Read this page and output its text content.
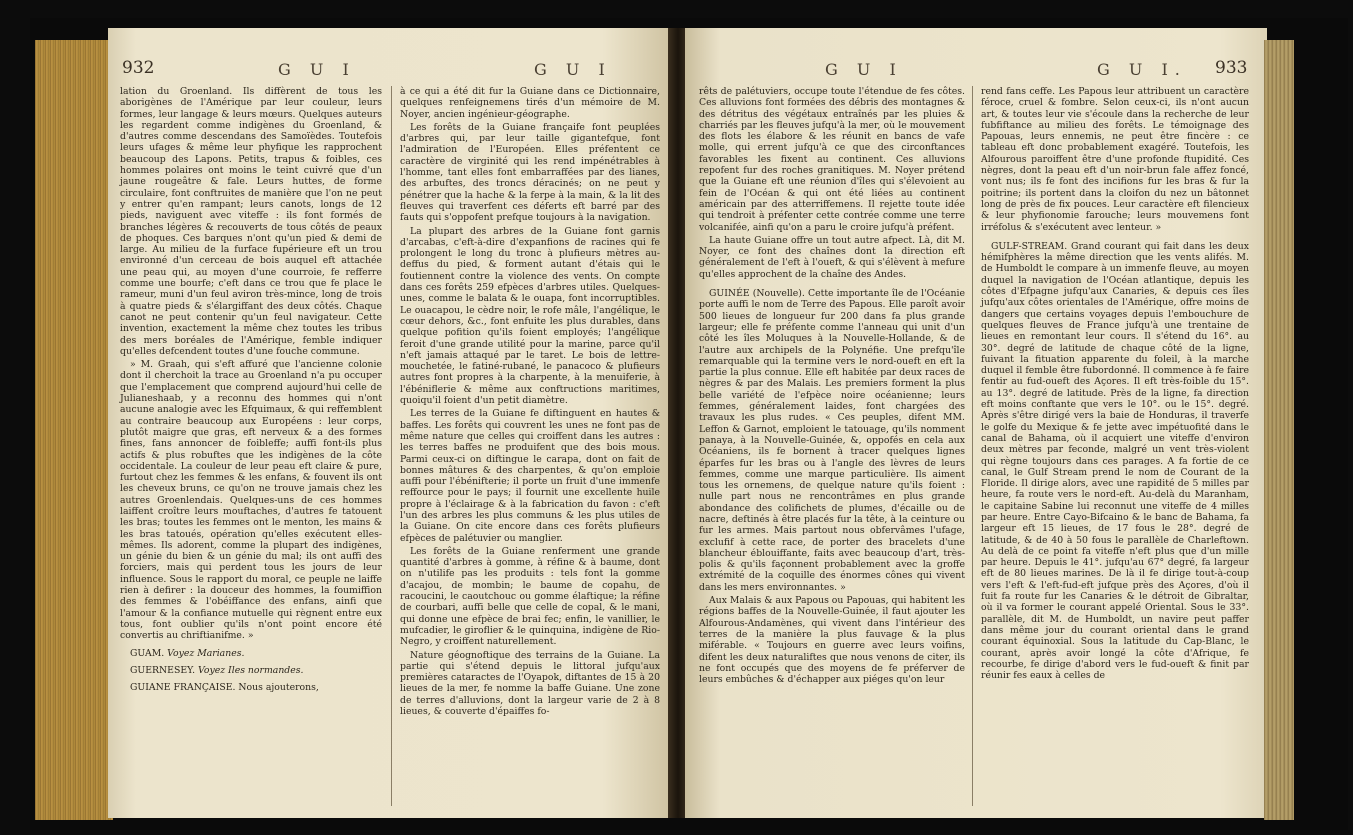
932	G U I	G U I

lation du Groenland. Ils diffèrent de tous les aborigènes de l'Amérique par leur couleur, leurs formes, leur langage & leurs mœurs. Quelques auteurs les regardent comme indigènes du Groenland, & d'autres comme descendans des Samoïèdes. Toutefois leurs ufages & même leur phyfique les rapprochent beaucoup des Lapons. Petits, trapus & foibles, ces hommes polaires ont moins le teint cuivré que d'un jaune rougeâtre & fale. Leurs huttes, de forme circulaire, font conftruites de manière que l'on ne peut y entrer qu'en rampant; leurs canots, longs de 12 pieds, naviguent avec viteffe : ils font formés de branches légères & recouverts de tous côtés de peaux de phoques. Ces barques n'ont qu'un pied & demi de large. Au milieu de la furface fupérieure eft un trou environné d'un cerceau de bois auquel eft attachée une peau qui, au moyen d'une courroie, fe refferre comme une bourfe; c'eft dans ce trou que fe place le rameur, muni d'un feul aviron très-mince, long de trois à quatre pieds & s'élargiffant des deux côtés. Chaque canot ne peut contenir qu'un feul navigateur. Cette invention, exactement la même chez toutes les tribus des mers boréales de l'Amérique, femble indiquer qu'elles defcendent toutes d'une fouche commune.

» M. Graah, qui s'eft affuré que l'ancienne colonie dont il cherchoit la trace au Groenland n'a pu occuper que l'emplacement que comprend aujourd'hui celle de Julianeshaab, y a reconnu des hommes qui n'ont aucune analogie avec les Efquimaux, & qui reffemblent au contraire beaucoup aux Européens : leur corps, plutôt maigre que gras, eft nerveux & a des formes fines, fans annoncer de foibleffe; auffi font-ils plus actifs & plus robuftes que les indigènes de la côte occidentale. La couleur de leur peau eft claire & pure, furtout chez les femmes & les enfans, & fouvent ils ont les cheveux bruns, ce qu'on ne trouve jamais chez les autres Groenlendais. Quelques-uns de ces hommes laiffent croître leurs mouftaches, d'autres fe tatouent les bras; toutes les femmes ont le menton, les mains & les bras tatoués, opération qu'elles exécutent elles-mêmes. Ils adorent, comme la plupart des indigènes, un génie du bien & un génie du mal; ils ont auffi des forciers, mais qui perdent tous les jours de leur influence. Sous le rapport du moral, ce peuple ne laiffe rien à defirer : la douceur des hommes, la foumiffion des femmes & l'obéiffance des enfans, ainfi que l'amour & la confiance mutuelle qui règnent entre eux tous, font oublier qu'ils n'ont point encore été convertis au chriftianifme. »

GUAM. Voyez Marianes.

GUERNESEY. Voyez Iles normandes.

GUIANE FRANÇAISE. Nous ajouterons,

à ce qui a été dit fur la Guiane dans ce Dictionnaire, quelques renfeignemens tirés d'un mémoire de M. Noyer, ancien ingénieur-géographe.

Les forêts de la Guiane françaife font peuplées d'arbres qui, par leur taille gigantefque, font l'admiration de l'Européen. Elles préfentent ce caractère de virginité qui les rend impénétrables à l'homme, tant elles font embarraffées par des lianes, des arbuftes, des troncs déracinés; on ne peut y pénétrer que la hache & la ferpe à la main, & la lit des fleuves qui traverfent ces déferts eft barré par des fauts qui s'oppofent prefque toujours à la navigation.

La plupart des arbres de la Guiane font garnis d'arcabas, c'eft-à-dire d'expanfions de racines qui fe prolongent le long du tronc à plufieurs mètres au-deffus du pied, & forment autant d'étais qui le foutiennent contre la violence des vents. On compte dans ces forêts 259 efpèces d'arbres utiles. Quelques-unes, comme le balata & le ouapa, font incorruptibles. Le ouacapou, le cèdre noir, le rofe mâle, l'angélique, le cœur dehors, &c., font enfuite les plus durables, dans quelque pofition qu'ils foient employés; l'angélique feroit d'une grande utilité pour la marine, parce qu'il n'eft jamais attaqué par le taret. Le bois de lettre-mouchetée, le fatiné-rubané, le panacoco & plufieurs autres font propres à la charpente, à la menuiferie, à l'ébéniflerie & même aux conftructions maritimes, quoiqu'il foient d'un petit diamètre.

Les terres de la Guiane fe diftinguent en hautes & baffes. Les forêts qui couvrent les unes ne font pas de même nature que celles qui croiffent dans les autres : les terres baffes ne produifent que des bois mous. Parmi ceux-ci on diftingue le carapa, dont on fait de bonnes mâtures & des charpentes, & qu'on emploie auffi pour l'ébénifterie; il porte un fruit d'une immenfe reffource pour le pays; il fournit une excellente huile propre à l'éclairage & à la fabrication du favon : c'eft l'un des arbres les plus communs & les plus utiles de la Guiane. On cite encore dans ces forêts plufieurs efpèces de palétuvier ou manglier.

Les forêts de la Guiane renferment une grande quantité d'arbres à gomme, à réfine & à baume, dont on n'utilife pas les produits : tels font la gomme d'acajou, de mombin; le baume de copahu, de racoucini, le caoutchouc ou gomme élaftique; la réfine de courbari, auffi belle que celle de copal, & le mani, qui donne une efpèce de brai fec; enfin, le vanillier, le mufcadier, le giroflier & le quinquina, indigène de Rio-Negro, y croiffent naturellement.

Nature géognoftique des terrains de la Guiane. La partie qui s'étend depuis le littoral jufqu'aux premières cataractes de l'Oyapok, diftantes de 15 à 20 lieues de la mer, fe nomme la baffe Guiane. Une zone de terres d'alluvions, dont la largeur varie de 2 à 8 lieues, & couverte d'épaiffes fo-

G U I	G U I. 933

rêts de palétuviers, occupe toute l'étendue de fes côtes. Ces alluvions font formées des débris des montagnes & des détritus des végétaux entraînés par les pluies & charriés par les fleuves jufqu'à la mer, où le mouvement des flots les élabore & les réunit en bancs de vafe molle, qui errent jufqu'à ce que des circonftances favorables les fixent au continent. Ces alluvions repofent fur des roches granitiques. M. Noyer prétend que la Guiane eft une réunion d'îles qui s'élevoient au fein de l'Océan & qui ont été liées au continent américain par des atterriffemens. Il rejette toute idée qui tendroit à préfenter cette contrée comme une terre volcanifée, ainfi qu'on a paru le croire jufqu'à préfent.

La haute Guiane offre un tout autre afpect. Là, dit M. Noyer, ce font des chaînes dont la direction eft généralement de l'eft à l'oueft, & qui s'élèvent à mefure qu'elles approchent de la chaîne des Andes.

GUINÉE (Nouvelle). Cette importante île de l'Océanie porte auffi le nom de Terre des Papous. Elle paroît avoir 500 lieues de longueur fur 200 dans fa plus grande largeur; elle fe préfente comme l'anneau qui unit d'un côté les îles Moluques à la Nouvelle-Hollande, & de l'autre aux archipels de la Polynéfie. Une prefqu'île remarquable qui la termine vers le nord-oueft en eft la partie la plus connue. Elle eft habitée par deux races de nègres & par des Malais. Les premiers forment la plus belle variété de l'efpèce noire océanienne; leurs femmes, généralement laides, font chargées des travaux les plus rudes. « Ces peuples, difent MM. Leffon & Garnot, emploient le tatouage, qu'ils nomment panaya, à la Nouvelle-Guinée, &, oppofés en cela aux Océaniens, ils fe bornent à tracer quelques lignes éparfes fur les bras ou à l'angle des lèvres de leurs femmes, comme une marque particulière. Ils aiment tous les ornemens, de quelque nature qu'ils foient : nulle part nous ne rencontrâmes en plus grande abondance des colifichets de plumes, d'écaille ou de nacre, deftinés à être placés fur la tête, à la ceinture ou fur les armes. Mais partout nous obfervâmes l'ufage, exclufif à cette race, de porter des bracelets d'une blancheur éblouiffante, faits avec beaucoup d'art, très-polis & qu'ils façonnent probablement avec la groffe extrémité de la coquille des énormes cônes qui vivent dans les mers environnantes. »

Aux Malais & aux Papous ou Papouas, qui habitent les régions baffes de la Nouvelle-Guinée, il faut ajouter les Alfourous-Andamènes, qui vivent dans l'intérieur des terres de la manière la plus fauvage & la plus miférable. « Toujours en guerre avec leurs voifins, difent les deux naturaliftes que nous venons de citer, ils ne font occupés que des moyens de fe préferver de leurs embûches & d'échapper aux piéges qu'on leur

rend fans ceffe. Les Papous leur attribuent un caractère féroce, cruel & fombre. Selon ceux-ci, ils n'ont aucun art, & toutes leur vie s'écoule dans la recherche de leur fubfiftance au milieu des forêts. Le témoignage des Papouas, leurs ennemis, ne peut être fincère : ce tableau eft donc probablement exagéré. Toutefois, les Alfourous paroiffent être d'une profonde ftupidité. Ces nègres, dont la peau eft d'un noir-brun fale affez foncé, vont nus; ils fe font des incifions fur les bras & fur la poitrine; ils portent dans la cloifon du nez un bâtonnet long de près de fix pouces. Leur caractère eft filencieux & leur phyfionomie farouche; leurs mouvemens font irréfolus & s'exécutent avec lenteur. »

GULF-STREAM. Grand courant qui fait dans les deux hémifphères la même direction que les vents alifés. M. de Humboldt le compare à un immenfe fleuve, au moyen duquel la navigation de l'Océan atlantique, depuis les côtes d'Efpagne jufqu'aux Canaries, & depuis ces îles jufqu'aux côtes orientales de l'Amérique, offre moins de dangers que certains voyages depuis l'embouchure de quelques fleuves de France jufqu'à une trentaine de lieues en remontant leur cours. Il s'étend du 16°. au 30°. degré de latitude de chaque côté de la ligne, fuivant la fituation apparente du foleil, à la marche duquel il femble être fubordonné. Il commence à fe faire fentir au fud-oueft des Açores. Il eft très-foible du 15°. au 13°. degré de latitude. Près de la ligne, fa direction eft moins conftante que vers le 10°. ou le 15°. degré. Après s'être dirigé vers la baie de Honduras, il traverfe le golfe du Mexique & fe jette avec impétuofité dans le canal de Bahama, où il acquiert une viteffe d'environ deux mètres par feconde, malgré un vent très-violent qui règne toujours dans ces parages. A fa fortie de ce canal, le Gulf Stream prend le nom de Courant de la Floride. Il dirige alors, avec une rapidité de 5 milles par heure, fa route vers le nord-eft. Au-delà du Maranham, le capitaine Sabine lui reconnut une viteffe de 4 milles par heure. Entre Cayo-Bifcaino & le banc de Bahama, fa largeur eft 15 lieues, de 17 fous le 28°. degré de latitude, & de 40 à 50 fous le parallèle de Charleftown. Au delà de ce point fa viteffe n'eft plus que d'un mille par heure. Depuis le 41°. jufqu'au 67° degré, fa largeur eft de 80 lieues marines. De là il fe dirige tout-à-coup vers l'eft & l'eft-fud-eft jufque près des Açores, d'où il fuit fa route fur les Canaries & le détroit de Gibraltar, où il va former le courant appelé Oriental. Sous le 33°. parallèle, dit M. de Humboldt, un navire peut paffer dans même jour du courant oriental dans le grand courant équinoxial. Sous la latitude du Cap-Blanc, le courant, après avoir longé la côte d'Afrique, fe recourbe, fe dirige d'abord vers le fud-oueft & finit par réunir fes eaux à celles de
